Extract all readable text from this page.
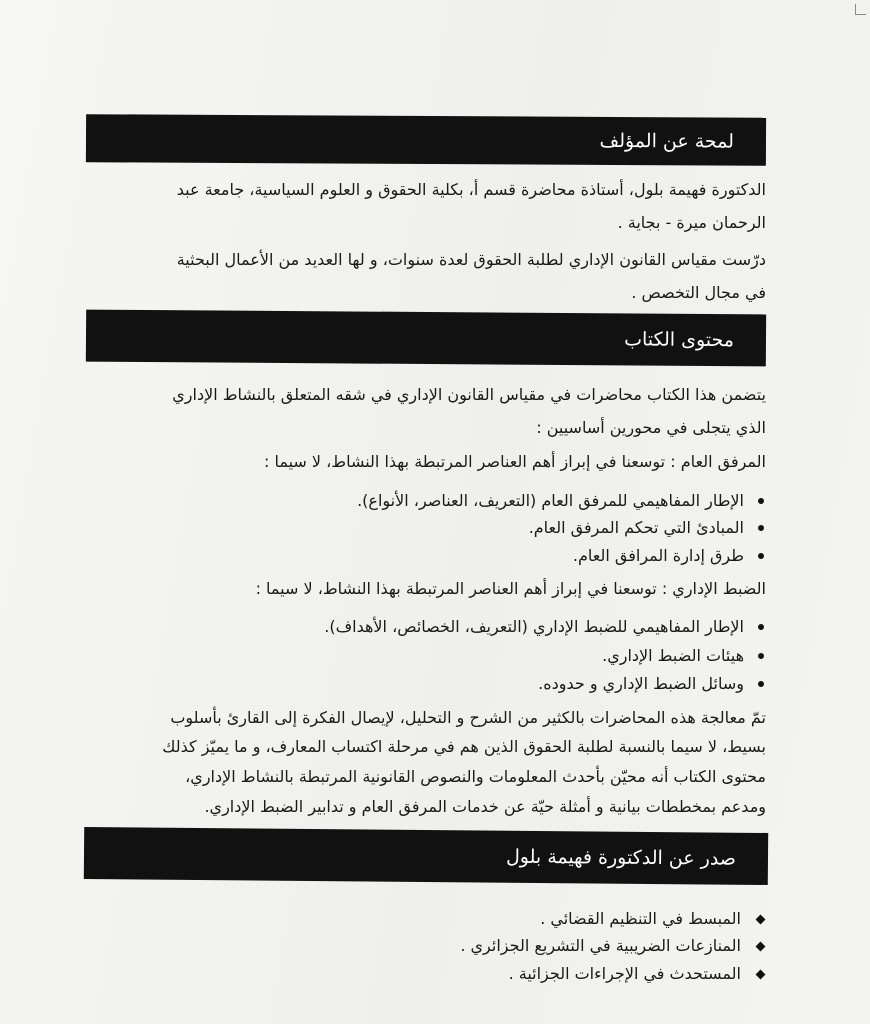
لمحة عن المؤلف
الدكتورة فهيمة بلول، أستاذة محاضرة قسم أ، بكلية الحقوق و العلوم السياسية، جامعة عبد
الرحمان ميرة - بجاية .
درّست مقياس القانون الإداري لطلبة الحقوق لعدة سنوات، و لها العديد من الأعمال البحثية
في مجال التخصص .
محتوى الكتاب
يتضمن هذا الكتاب محاضرات في مقياس القانون الإداري في شقه المتعلق بالنشاط الإداري
الذي يتجلى في محورين أساسيين :
المرفق العام : توسعنا في إبراز أهم العناصر المرتبطة بهذا النشاط، لا سيما :
الإطار المفاهيمي للمرفق العام (التعريف، العناصر، الأنواع).
المبادئ التي تحكم المرفق العام.
طرق إدارة المرافق العام.
الضبط الإداري : توسعنا في إبراز أهم العناصر المرتبطة بهذا النشاط، لا سيما :
الإطار المفاهيمي للضبط الإداري (التعريف، الخصائص، الأهداف).
هيئات الضبط الإداري.
وسائل الضبط الإداري و حدوده.
تمّ معالجة هذه المحاضرات بالكثير من الشرح و التحليل، لإيصال الفكرة إلى القارئ بأسلوب
بسيط، لا سيما بالنسبة لطلبة الحقوق الذين هم في مرحلة اكتساب المعارف، و ما يميّز كذلك
محتوى الكتاب أنه محيّن بأحدث المعلومات والنصوص القانونية المرتبطة بالنشاط الإداري،
ومدعم بمخططات بيانية و أمثلة حيّة عن خدمات المرفق العام و تدابير الضبط الإداري.
صدر عن الدكتورة فهيمة بلول
المبسط في التنظيم القضائي .
المنازعات الضريبية في التشريع الجزائري .
المستحدث في الإجراءات الجزائية .
